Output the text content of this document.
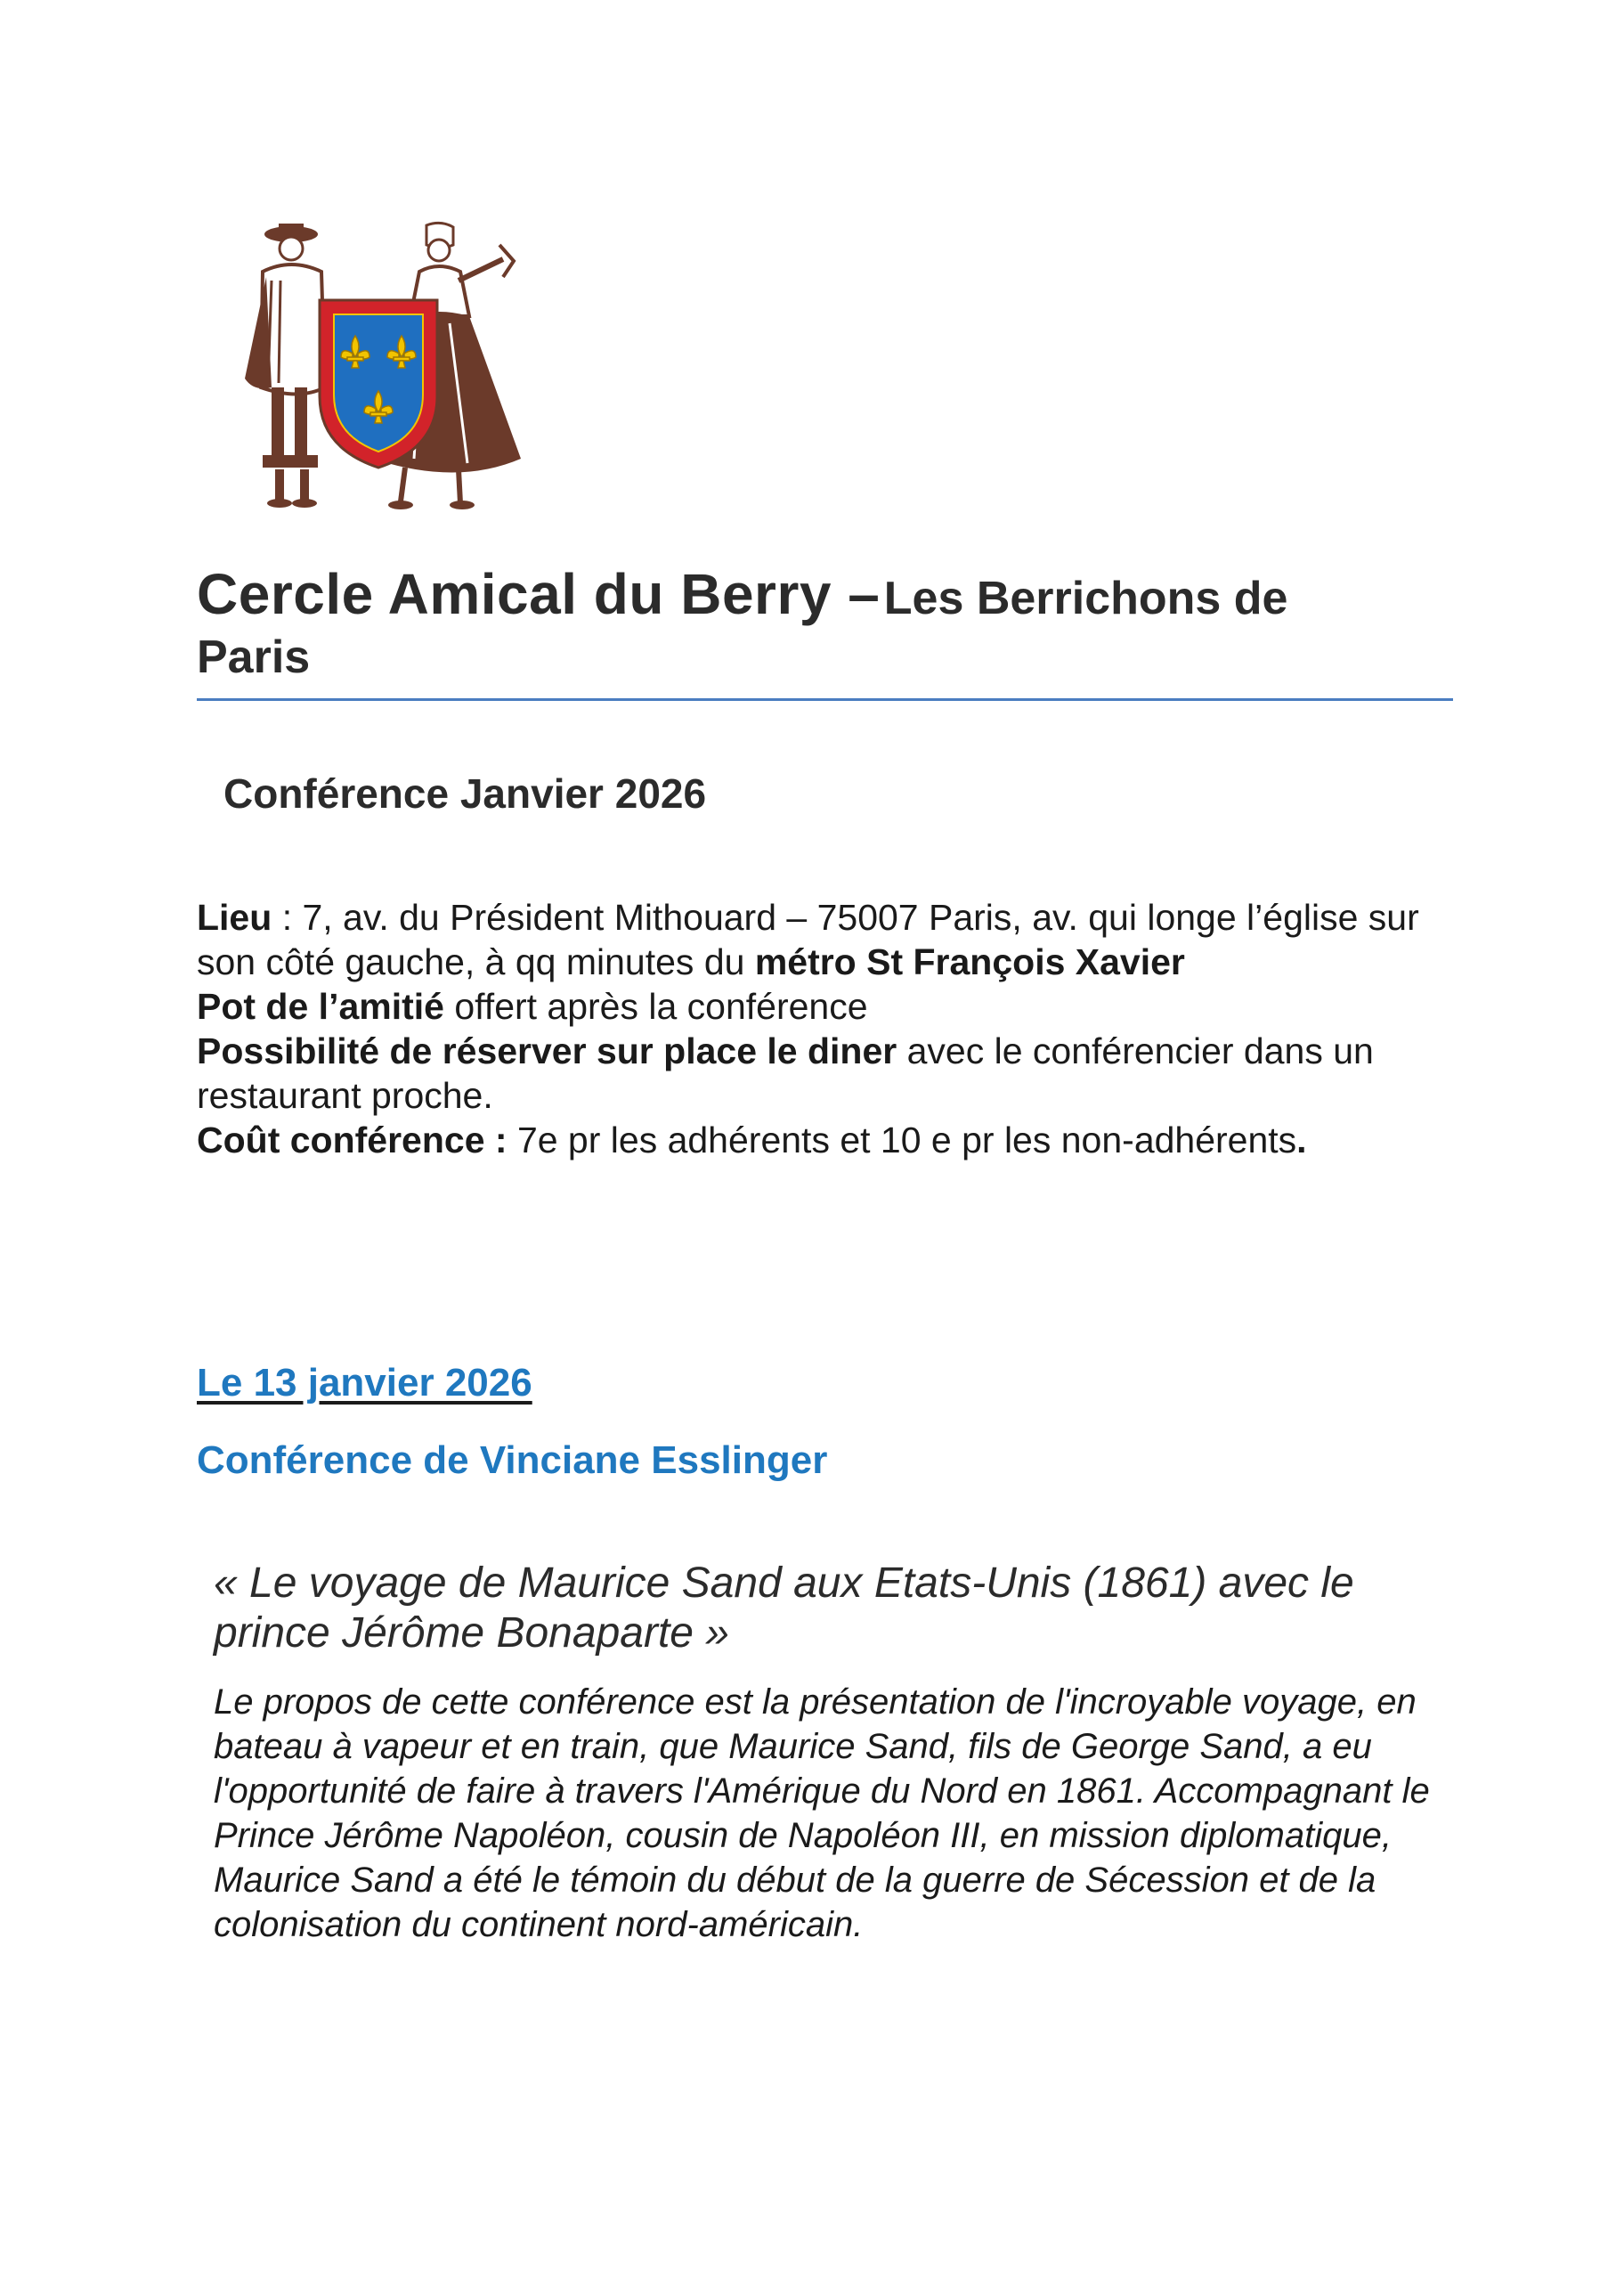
Cercle Amical du Berry – Les Berrichons de
Paris
Conférence Janvier 2026

Lieu : 7, av. du Président Mithouard – 75007 Paris, av. qui longe l’église sur son côté gauche, à qq minutes du métro St François Xavier

Pot de l’amitié offert après la conférence

Possibilité de réserver sur place le diner avec le conférencier dans un restaurant proche.

Coût conférence : 7e pr les adhérents et 10 e pr les non-adhérents.

Le 13 janvier 2026
Conférence de Vinciane Esslinger
« Le voyage de Maurice Sand aux Etats-Unis (1861) avec le prince Jérôme Bonaparte »
Le propos de cette conférence est la présentation de l'incroyable voyage, en bateau à vapeur et en train, que Maurice Sand, fils de George Sand, a eu l'opportunité de faire à travers l'Amérique du Nord en 1861. Accompagnant le Prince Jérôme Napoléon, cousin de Napoléon III, en mission diplomatique, Maurice Sand a été le témoin du début de la guerre de Sécession et de la colonisation du continent nord-américain.
